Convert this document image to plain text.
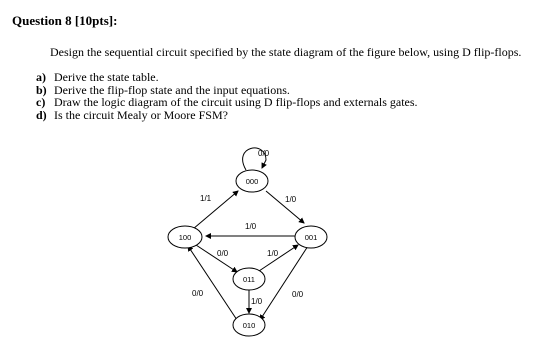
Question 8 [10pts]:
Design the sequential circuit specified by the state diagram of the figure below, using D flip-flops.
a) Derive the state table.
b) Derive the flip-flop state and the input equations.
c) Draw the logic diagram of the circuit using D flip-flops and externals gates.
d) Is the circuit Mealy or Moore FSM?
000
001
100
011
010
0/0
1/1	1/0
1/0
0/0	1/0
0/0	0/0
1/0
